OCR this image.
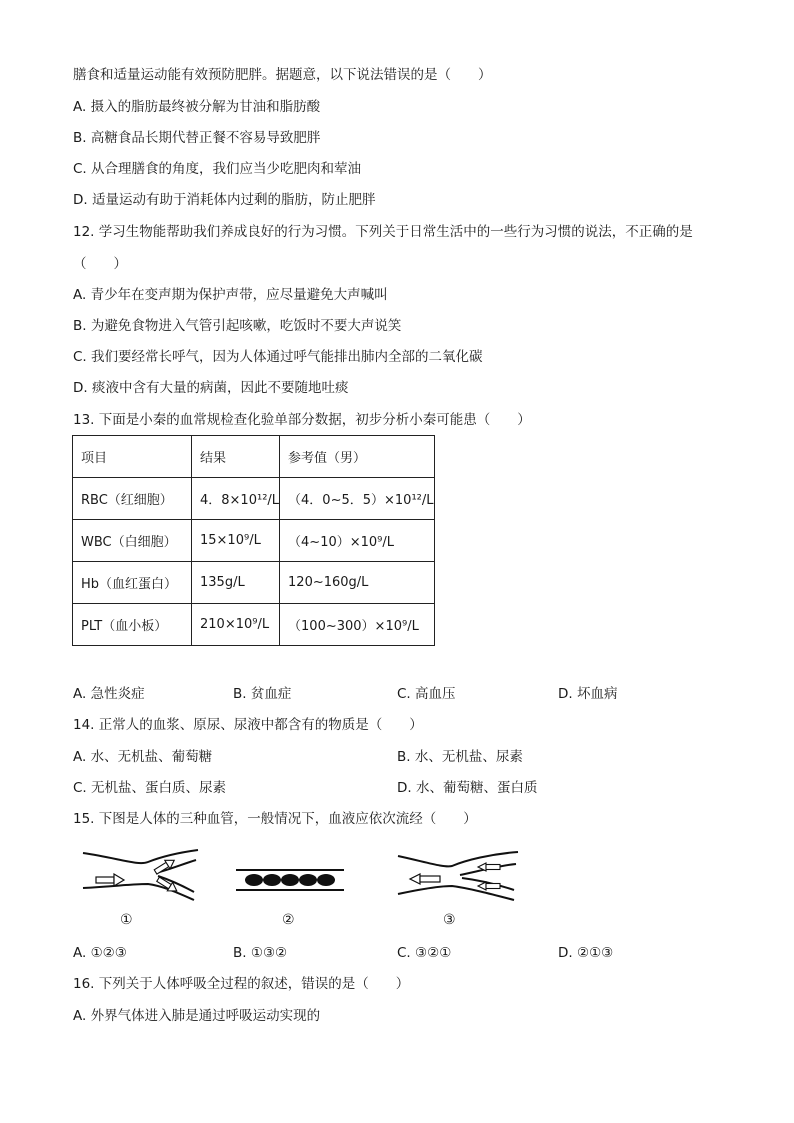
膳食和适量运动能有效预防肥胖。据题意，以下说法错误的是（　　）
A. 摄入的脂肪最终被分解为甘油和脂肪酸
B. 高糖食品长期代替正餐不容易导致肥胖
C. 从合理膳食的角度，我们应当少吃肥肉和荤油
D. 适量运动有助于消耗体内过剩的脂肪，防止肥胖
12. 学习生物能帮助我们养成良好的行为习惯。下列关于日常生活中的一些行为习惯的说法，不正确的是
（　　）
A. 青少年在变声期为保护声带，应尽量避免大声喊叫
B. 为避免食物进入气管引起咳嗽，吃饭时不要大声说笑
C. 我们要经常长呼气，因为人体通过呼气能排出肺内全部的二氧化碳
D. 痰液中含有大量的病菌，因此不要随地吐痰
13. 下面是小秦的血常规检查化验单部分数据，初步分析小秦可能患（　　）
项目	结果	参考值（男）
RBC（红细胞）	4．8×10¹²/L	（4．0~5．5）×10¹²/L
WBC（白细胞）	15×10⁹/L	（4~10）×10⁹/L
Hb（血红蛋白）	135g/L	120~160g/L
PLT（血小板）	210×10⁹/L	（100~300）×10⁹/L
A. 急性炎症	B. 贫血症	C. 高血压	D. 坏血病
14. 正常人的血浆、原尿、尿液中都含有的物质是（　　）
A. 水、无机盐、葡萄糖	B. 水、无机盐、尿素
C. 无机盐、蛋白质、尿素	D. 水、葡萄糖、蛋白质
15. 下图是人体的三种血管，一般情况下，血液应依次流经（　　）
①	②	③
A. ①②③	B. ①③②	C. ③②①	D. ②①③
16. 下列关于人体呼吸全过程的叙述，错误的是（　　）
A. 外界气体进入肺是通过呼吸运动实现的
